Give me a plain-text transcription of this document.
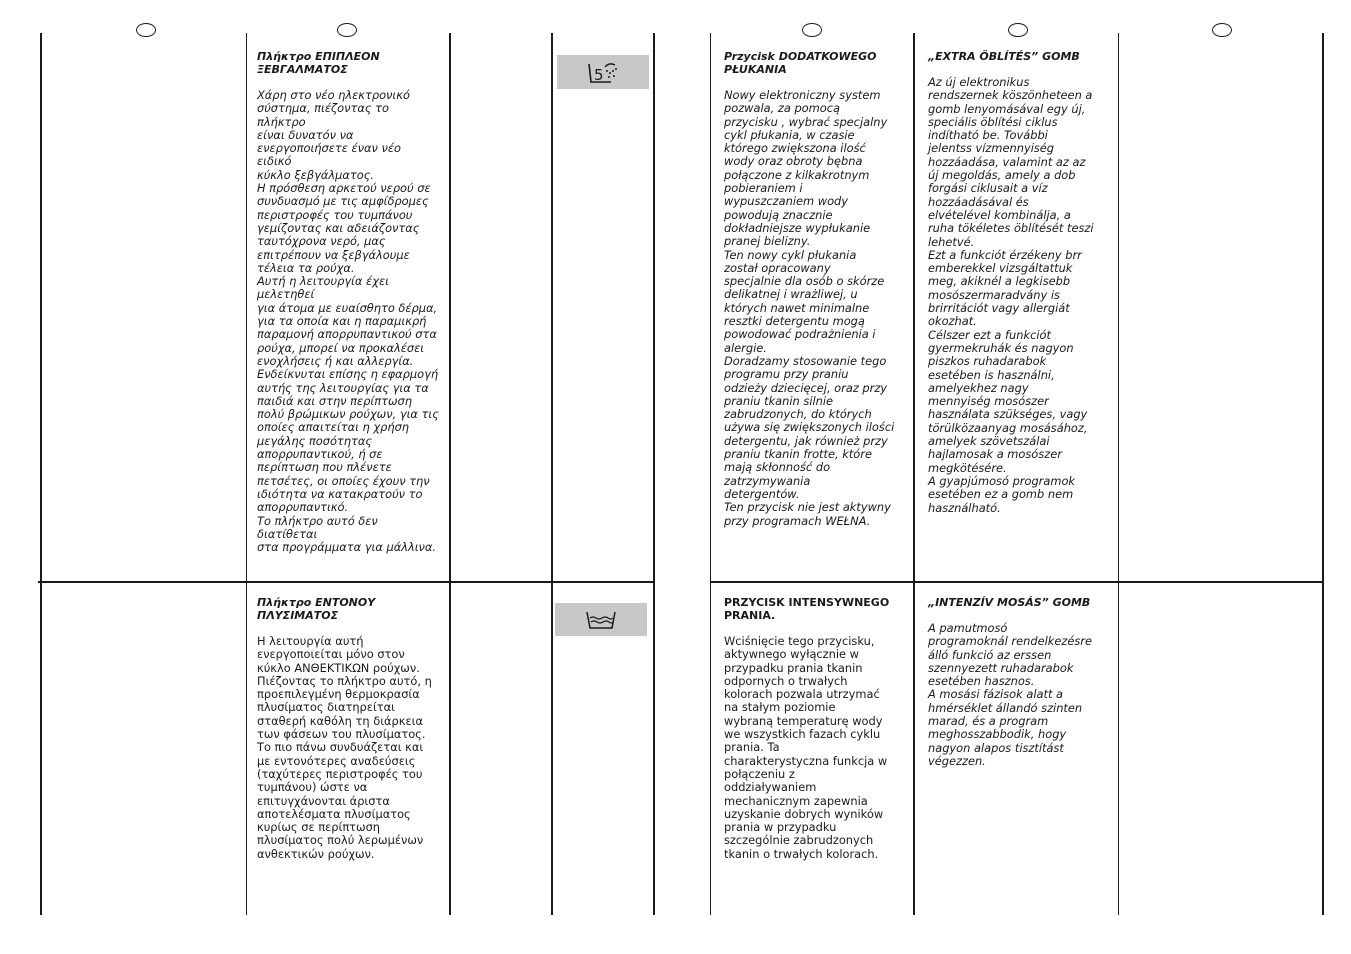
5
Πλήκτρο ΕΠΙΠΛΕΟΝ
ΞΕΒΓΑΛΜΑΤΟΣ
Χάρη στο νέο ηλεκτρονικό
σύστημα, πιέζοντας το πλήκτρο
είναι δυνατόν να
ενεργοποιήσετε έναν νέο ειδικό
κύκλο ξεβγάλματος.
Η πρόσθεση αρκετού νερού σε
συνδυασμό με τις αμφίδρομες
περιστροφές του τυμπάνου
γεμίζοντας και αδειάζοντας
ταυτόχρονα νερό, μας
επιτρέπουν να ξεβγάλουμε
τέλεια τα ρούχα.
Αυτή η λειτουργία έχει μελετηθεί
για άτομα με ευαίσθητο δέρμα,
για τα οποία και η παραμικρή
παραμονή απορρυπαντικού στα
ρούχα, μπορεί να προκαλέσει
ενοχλήσεις ή και αλλεργία.
Ενδείκνυται επίσης η εφαρμογή
αυτής της λειτουργίας για τα
παιδιά και στην περίπτωση
πολύ βρώμικων ρούχων, για τις
οποίες απαιτείται η χρήση
μεγάλης ποσότητας
απορρυπαντικού, ή σε
περίπτωση που πλένετε
πετσέτες, οι οποίες έχουν την
ιδιότητα να κατακρατούν το
απορρυπαντικό.
Το πλήκτρο αυτό δεν διατίθεται
στα προγράμματα για μάλλινα.
Πλήκτρο ΕΝΤΟΝΟΥ
ΠΛΥΣΙΜΑΤΟΣ
Η λειτουργία αυτή
ενεργοποιείται μόνο στον
κύκλο ΑΝΘΕΚΤΙΚΩΝ ρούχων.
Πιέζοντας το πλήκτρο αυτό, η
προεπιλεγμένη θερμοκρασία
πλυσίματος διατηρείται
σταθερή καθόλη τη διάρκεια
των φάσεων του πλυσίματος.
Το πιο πάνω συνδυάζεται και
με εντονότερες αναδεύσεις
(ταχύτερες περιστροφές του
τυμπάνου) ώστε να
επιτυγχάνονται άριστα
αποτελέσματα πλυσίματος
κυρίως σε περίπτωση
πλυσίματος πολύ λερωμένων
ανθεκτικών ρούχων.
Przycisk DODATKOWEGO
PŁUKANIA
Nowy elektroniczny system
pozwala, za pomocą
przycisku , wybrać specjalny
cykl płukania, w czasie
którego zwiększona ilość
wody oraz obroty bębna
połączone z kilkakrotnym
pobieraniem i
wypuszczaniem wody
powodują znacznie
dokładniejsze wypłukanie
pranej bielizny.
Ten nowy cykl płukania
został opracowany
specjalnie dla osób o skórze
delikatnej i wrażliwej, u
których nawet minimalne
resztki detergentu mogą
powodować podrażnienia i
alergie.
Doradzamy stosowanie tego
programu przy praniu
odzieży dziecięcej, oraz przy
praniu tkanin silnie
zabrudzonych, do których
używa się zwiększonych ilości
detergentu, jak również przy
praniu tkanin frotte, które
mają skłonność do
zatrzymywania
detergentów.
Ten przycisk nie jest aktywny
przy programach WEŁNA.
PRZYCISK INTENSYWNEGO
PRANIA.
Wciśnięcie tego przycisku,
aktywnego wyłącznie w
przypadku prania tkanin
odpornych o trwałych
kolorach pozwala utrzymać
na stałym poziomie
wybraną temperaturę wody
we wszystkich fazach cyklu
prania. Ta
charakterystyczna funkcja w
połączeniu z
oddziaływaniem
mechanicznym zapewnia
uzyskanie dobrych wyników
prania w przypadku
szczególnie zabrudzonych
tkanin o trwałych kolorach.
„EXTRA ÖBLÍTÉS” GOMB
Az új elektronikus
rendszernek köszönheteen a
gomb lenyomásával egy új,
speciális öblítési ciklus
indítható be. További
jelentss vízmennyiség
hozzáadása, valamint az az
új megoldás, amely a dob
forgási ciklusait a víz
hozzáadásával és
elvételével kombinálja, a
ruha tökéletes öblítését teszi
lehetvé.
Ezt a funkciót érzékeny brr
emberekkel vizsgáltattuk
meg, akiknél a legkisebb
mosószermaradvány is
brirritációt vagy allergiát
okozhat.
Célszer ezt a funkciót
gyermekruhák és nagyon
piszkos ruhadarabok
esetében is használni,
amelyekhez nagy
mennyiség mosószer
használata szükséges, vagy
törülközaanyag mosásához,
amelyek szövetszálai
hajlamosak a mosószer
megkötésére.
A gyapjúmosó programok
esetében ez a gomb nem
használható.
„INTENZÍV MOSÁS” GOMB
A pamutmosó
programoknál rendelkezésre
álló funkció az erssen
szennyezett ruhadarabok
esetében hasznos.
A mosási fázisok alatt a
hmérséklet állandó szinten
marad, és a program
meghosszabbodik, hogy
nagyon alapos tisztítást
végezzen.
